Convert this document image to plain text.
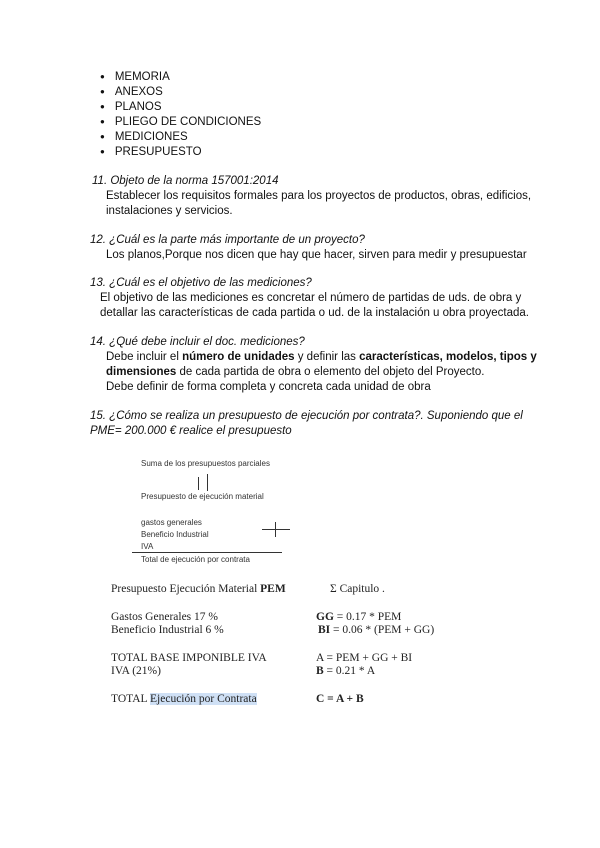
● MEMORIA
● ANEXOS
● PLANOS
● PLIEGO DE CONDICIONES
● MEDICIONES
● PRESUPUESTO
11. Objeto de la norma 157001:2014
Establecer los requisitos formales para los proyectos de productos, obras, edificios,
instalaciones y servicios.
12. ¿Cuál es la parte más importante de un proyecto?
Los planos,Porque nos dicen que hay que hacer, sirven para medir y presupuestar
13. ¿Cuál es el objetivo de las mediciones?
El objetivo de las mediciones es concretar el número de partidas de uds. de obra y
detallar las características de cada partida o ud. de la instalación u obra proyectada.
14. ¿Qué debe incluir el doc. mediciones?
Debe incluir el número de unidades y definir las características, modelos, tipos y
dimensiones de cada partida de obra o elemento del objeto del Proyecto.
Debe definir de forma completa y concreta cada unidad de obra
15. ¿Cómo se realiza un presupuesto de ejecución por contrata?. Suponiendo que el
PME= 200.000 € realice el presupuesto
Suma de los presupuestos parciales
Presupuesto de ejecución material
gastos generales
Beneficio Industrial
IVA
Total de ejecución por contrata
Presupuesto Ejecución Material PEM	Σ Capitulo .
Gastos Generales 17 %	GG = 0.17 * PEM
Beneficio Industrial 6 %	BI = 0.06 * (PEM + GG)
TOTAL BASE IMPONIBLE IVA	A = PEM + GG + BI
IVA (21%)	B = 0.21 * A
TOTAL Ejecución por Contrata	C = A + B
